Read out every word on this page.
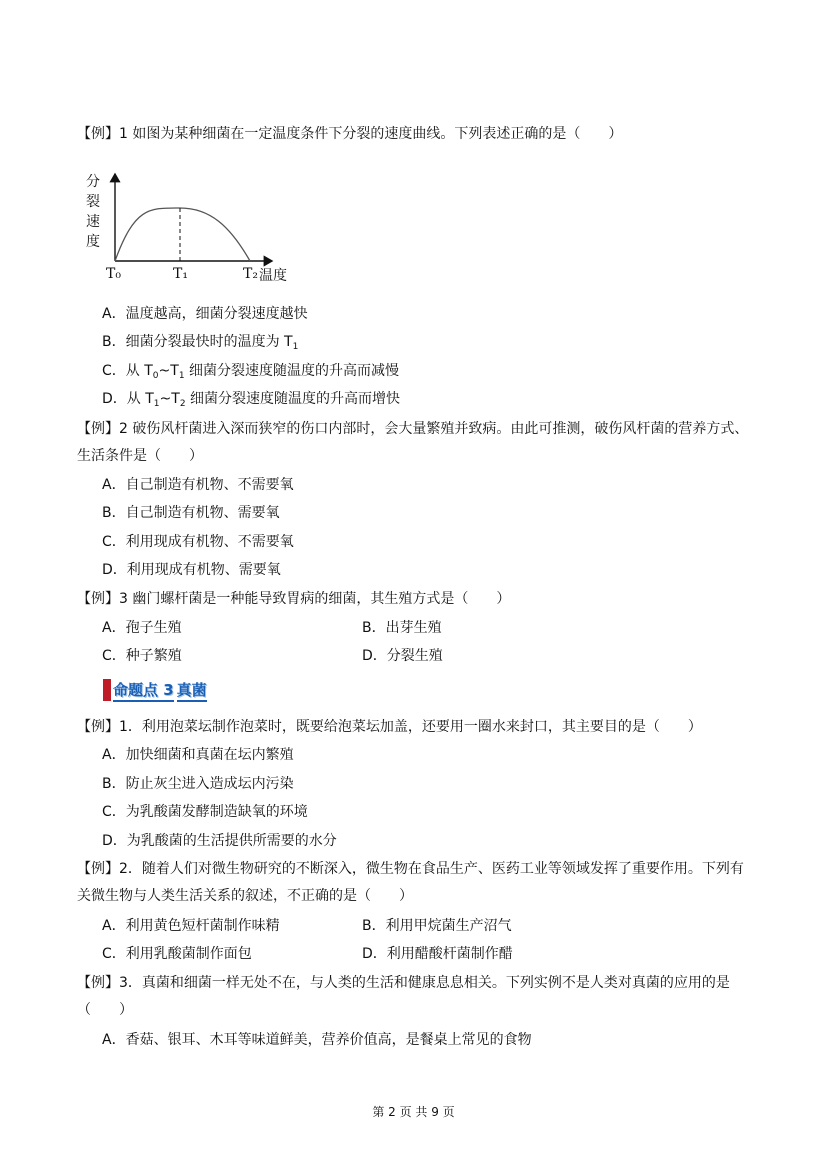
【例】1 如图为某种细菌在一定温度条件下分裂的速度曲线。下列表述正确的是（　　）
分
裂
速
度
T₀	T₁	T₂ 温度
A．温度越高，细菌分裂速度越快
B．细菌分裂最快时的温度为 $T_1$
C．从 $T_0\sim T_1$ 细菌分裂速度随温度的升高而减慢
D．从 $T_1\sim T_2$ 细菌分裂速度随温度的升高而增快
【例】2 破伤风杆菌进入深而狭窄的伤口内部时，会大量繁殖并致病。由此可推测，破伤风杆菌的营养方式、生活条件是（　　）
A．自己制造有机物、不需要氧
B．自己制造有机物、需要氧
C．利用现成有机物、不需要氧
D．利用现成有机物、需要氧
【例】3 幽门螺杆菌是一种能导致胃病的细菌，其生殖方式是（　　）
A．孢子生殖	B．出芽生殖
C．种子繁殖	D．分裂生殖
命题点 3 真菌
【例】1．利用泡菜坛制作泡菜时，既要给泡菜坛加盖，还要用一圈水来封口，其主要目的是（　　）
A．加快细菌和真菌在坛内繁殖
B．防止灰尘进入造成坛内污染
C．为乳酸菌发酵制造缺氧的环境
D．为乳酸菌的生活提供所需要的水分
【例】2．随着人们对微生物研究的不断深入，微生物在食品生产、医药工业等领域发挥了重要作用。下列有关微生物与人类生活关系的叙述，不正确的是（　　）
A．利用黄色短杆菌制作味精	B．利用甲烷菌生产沼气
C．利用乳酸菌制作面包	D．利用醋酸杆菌制作醋
【例】3．真菌和细菌一样无处不在，与人类的生活和健康息息相关。下列实例不是人类对真菌的应用的是（　　）
A．香菇、银耳、木耳等味道鲜美，营养价值高，是餐桌上常见的食物
第 2 页 共 9 页
